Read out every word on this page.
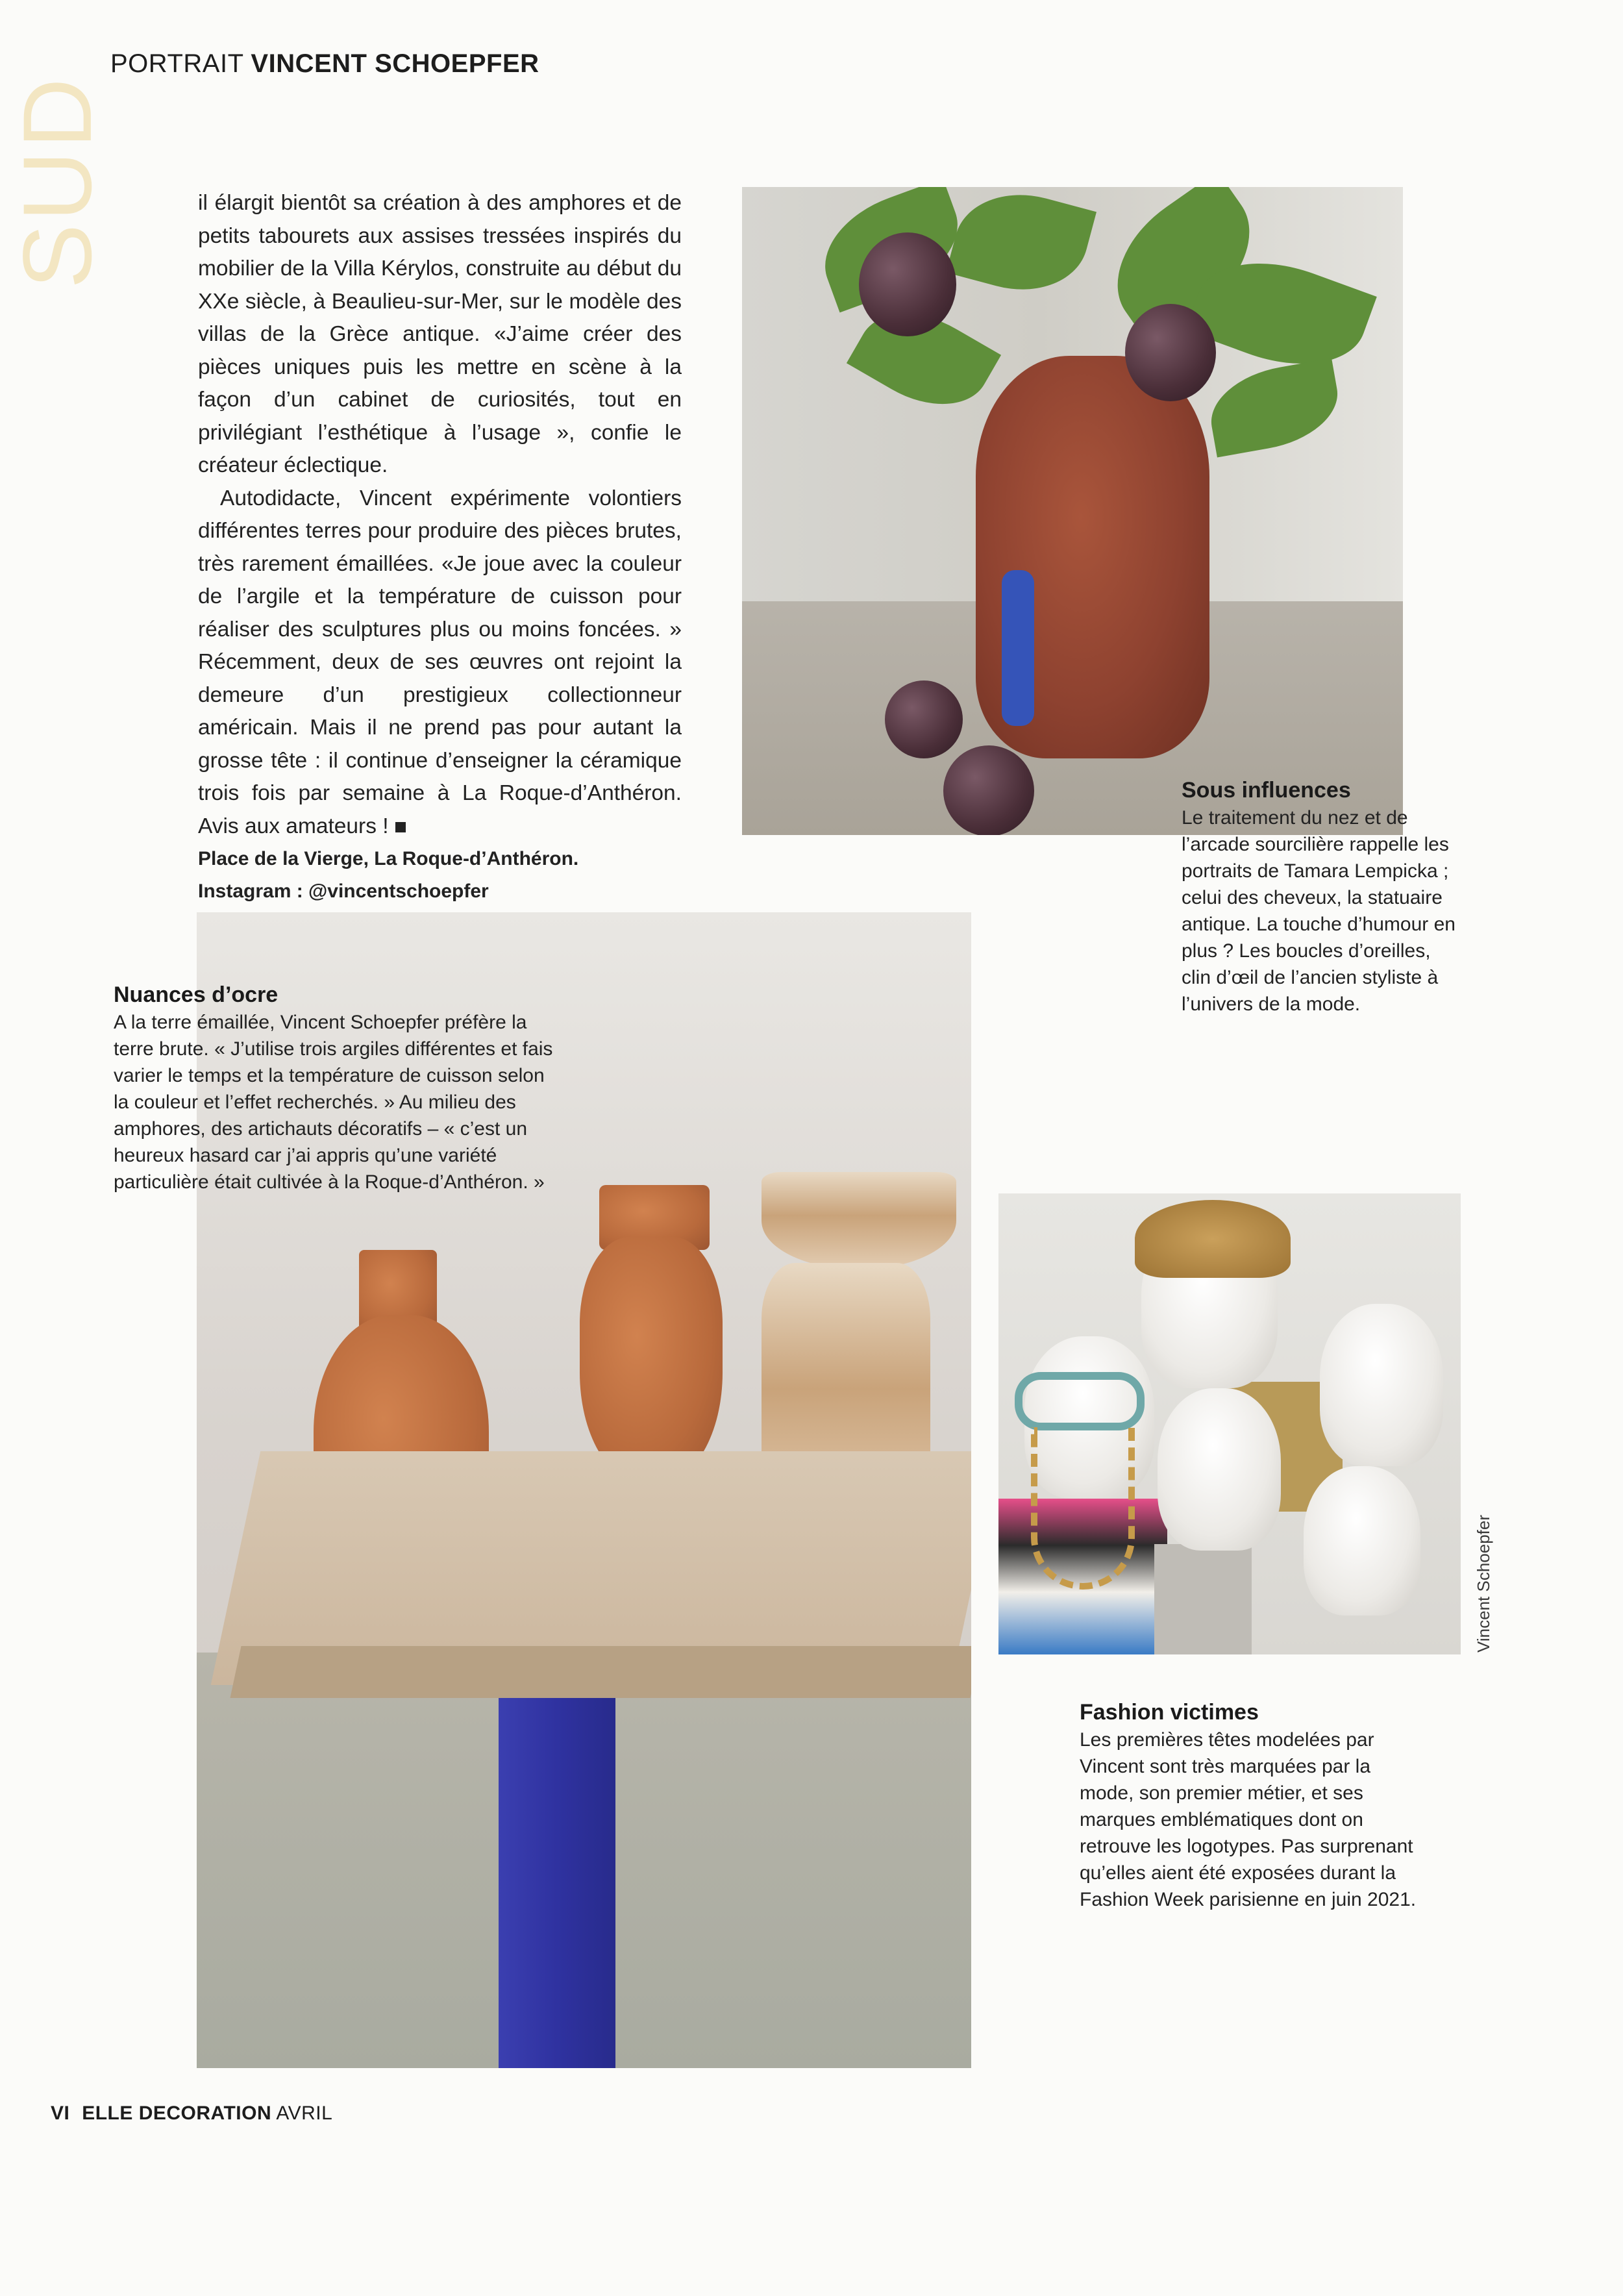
SUD
PORTRAIT VINCENT SCHOEPFER

il élargit bientôt sa création à des amphores et de petits tabourets aux assises tressées inspirés du mobilier de la Villa Kérylos, construite au début du XXe siècle, à Beaulieu-sur-Mer, sur le modèle des villas de la Grèce antique. «J’aime créer des pièces uniques puis les mettre en scène à la façon d’un cabinet de curiosités, tout en privilégiant l’esthétique à l’usage », confie le créateur éclectique.

Autodidacte, Vincent expérimente volontiers différentes terres pour produire des pièces brutes, très rarement émaillées. «Je joue avec la couleur de l’argile et la température de cuisson pour réaliser des sculptures plus ou moins foncées. » Récemment, deux de ses œuvres ont rejoint la demeure d’un prestigieux collectionneur américain. Mais il ne prend pas pour autant la grosse tête : il continue d’enseigner la céramique trois fois par semaine à La Roque-d’Anthéron. Avis aux amateurs !

Place de la Vierge, La Roque-d’Anthéron.

Instagram : @vincentschoepfer

Sous influences
Le traitement du nez et de l’arcade sourcilière rappelle les portraits de Tamara Lempicka ; celui des cheveux, la statuaire antique. La touche d’humour en plus ? Les boucles d’oreilles, clin d’œil de l’ancien styliste à l’univers de la mode.
Nuances d’ocre
A la terre émaillée, Vincent Schoepfer préfère la terre brute. « J’utilise trois argiles différentes et fais varier le temps et la température de cuisson selon la couleur et l’effet recherchés. » Au milieu des amphores, des artichauts décoratifs – « c’est un heureux hasard car j’ai appris qu’une variété particulière était cultivée à la Roque-d’Anthéron. »
Fashion victimes
Les premières têtes modelées par Vincent sont très marquées par la mode, son premier métier, et ses marques emblématiques dont on retrouve les logotypes. Pas surprenant qu’elles aient été exposées durant la Fashion Week parisienne en juin 2021.
Vincent Schoepfer
VI ELLE DECORATION AVRIL
